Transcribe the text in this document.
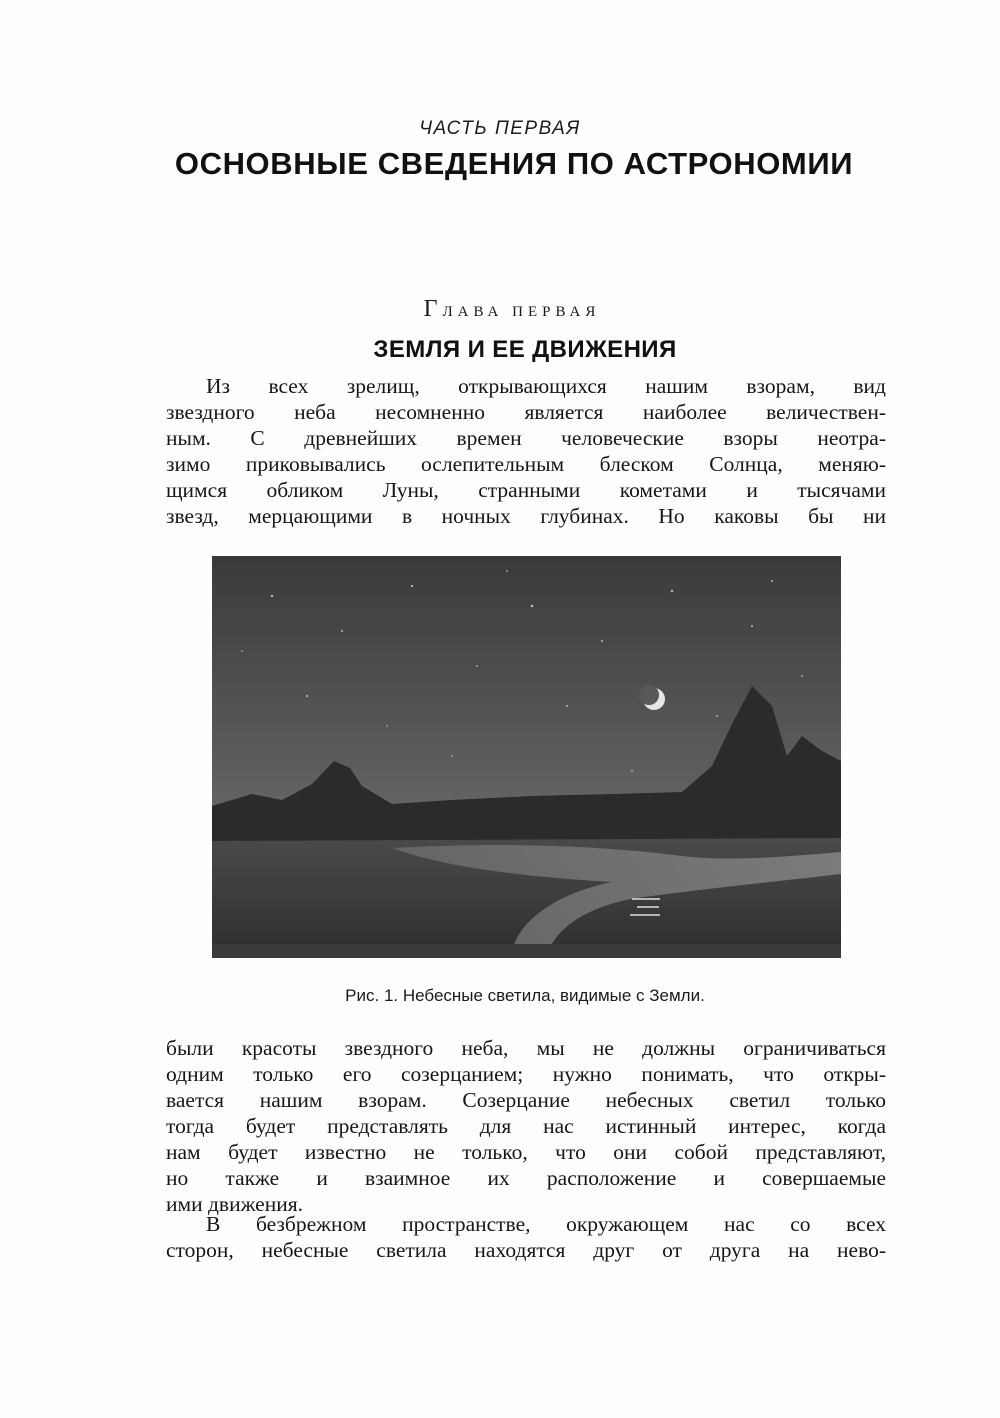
ЧАСТЬ ПЕРВАЯ
ОСНОВНЫЕ СВЕДЕНИЯ ПО АСТРОНОМИИ
ГЛАВА ПЕРВАЯ
ЗЕМЛЯ И ЕЕ ДВИЖЕНИЯ
Из всех зрелищ, открывающихся нашим взорам, вид
звездного неба несомненно является наиболее величествен-
ным. С древнейших времен человеческие взоры неотра-
зимо приковывались ослепительным блеском Солнца, меняю-
щимся обликом Луны, странными кометами и тысячами
звезд, мерцающими в ночных глубинах. Но каковы бы ни
Рис. 1. Небесные светила, видимые с Земли.
были красоты звездного неба, мы не должны ограничиваться
одним только его созерцанием; нужно понимать, что откры-
вается нашим взорам. Созерцание небесных светил только
тогда будет представлять для нас истинный интерес, когда
нам будет известно не только, что они собой представляют,
но также и взаимное их расположение и совершаемые
ими движения.
В безбрежном пространстве, окружающем нас со всех
сторон, небесные светила находятся друг от друга на нево-
